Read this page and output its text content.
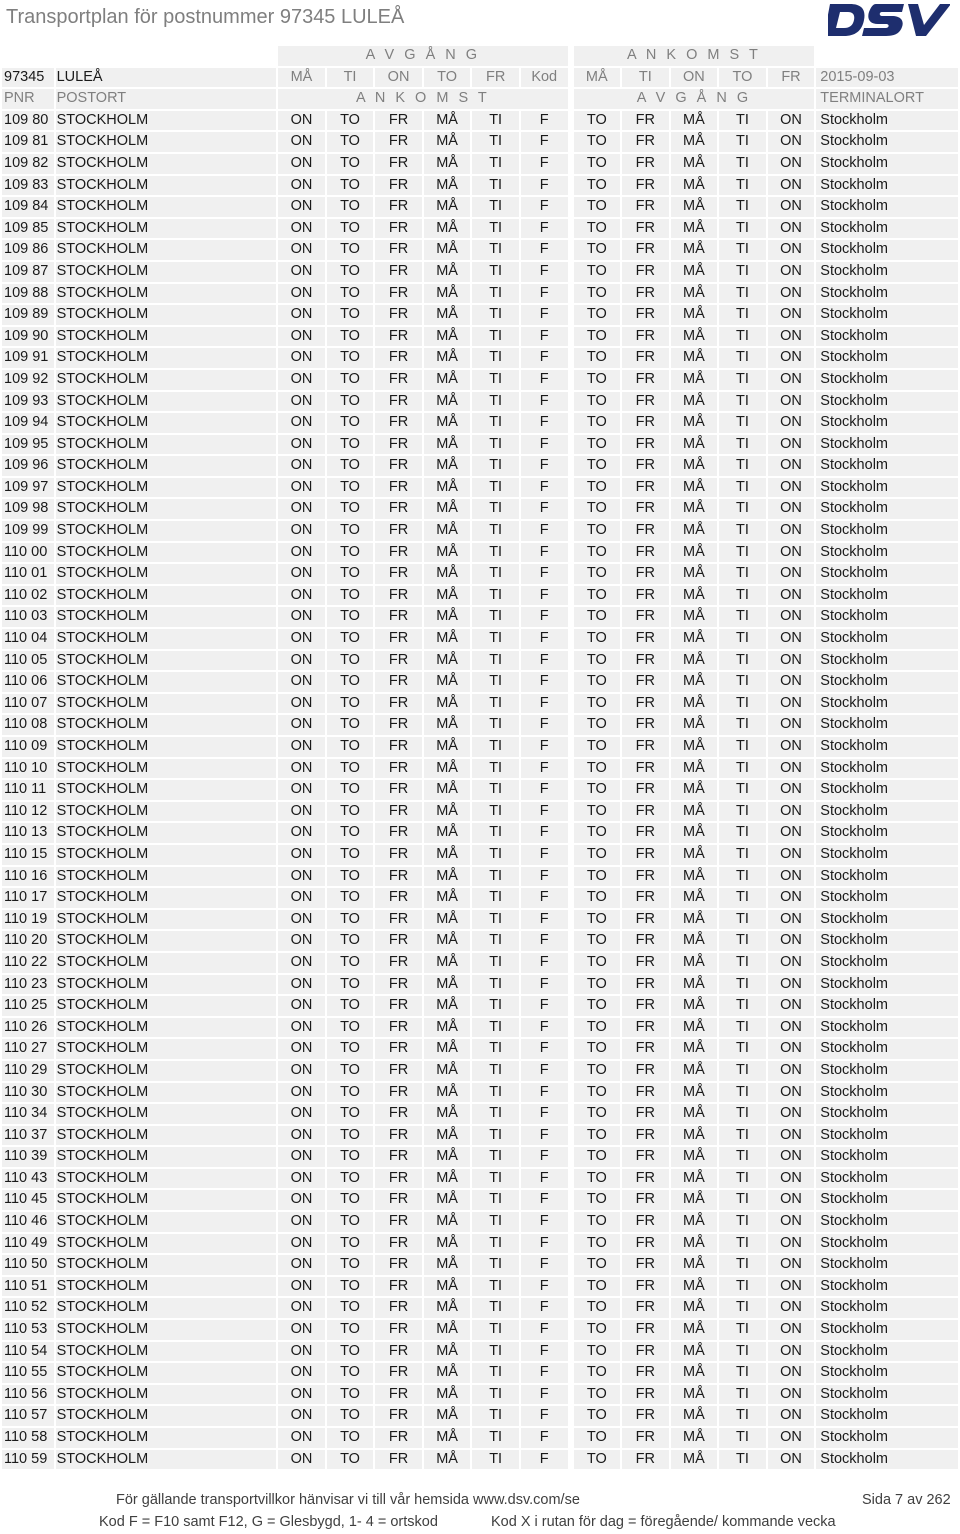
Transportplan för postnummer 97345 LULEÅ
		A V G Å N G							A N K O M S T					
97345	LULEÅ	MÅ	TI	ON	TO	FR	Kod		MÅ	TI	ON	TO	FR	2015-09-03
PNR	POSTORT	A N K O M S T							A V G Å N G					TERMINALORT
109 80	STOCKHOLM	ON	TO	FR	MÅ	TI	F		TO	FR	MÅ	TI	ON	Stockholm
109 81	STOCKHOLM	ON	TO	FR	MÅ	TI	F		TO	FR	MÅ	TI	ON	Stockholm
109 82	STOCKHOLM	ON	TO	FR	MÅ	TI	F		TO	FR	MÅ	TI	ON	Stockholm
109 83	STOCKHOLM	ON	TO	FR	MÅ	TI	F		TO	FR	MÅ	TI	ON	Stockholm
109 84	STOCKHOLM	ON	TO	FR	MÅ	TI	F		TO	FR	MÅ	TI	ON	Stockholm
109 85	STOCKHOLM	ON	TO	FR	MÅ	TI	F		TO	FR	MÅ	TI	ON	Stockholm
109 86	STOCKHOLM	ON	TO	FR	MÅ	TI	F		TO	FR	MÅ	TI	ON	Stockholm
109 87	STOCKHOLM	ON	TO	FR	MÅ	TI	F		TO	FR	MÅ	TI	ON	Stockholm
109 88	STOCKHOLM	ON	TO	FR	MÅ	TI	F		TO	FR	MÅ	TI	ON	Stockholm
109 89	STOCKHOLM	ON	TO	FR	MÅ	TI	F		TO	FR	MÅ	TI	ON	Stockholm
109 90	STOCKHOLM	ON	TO	FR	MÅ	TI	F		TO	FR	MÅ	TI	ON	Stockholm
109 91	STOCKHOLM	ON	TO	FR	MÅ	TI	F		TO	FR	MÅ	TI	ON	Stockholm
109 92	STOCKHOLM	ON	TO	FR	MÅ	TI	F		TO	FR	MÅ	TI	ON	Stockholm
109 93	STOCKHOLM	ON	TO	FR	MÅ	TI	F		TO	FR	MÅ	TI	ON	Stockholm
109 94	STOCKHOLM	ON	TO	FR	MÅ	TI	F		TO	FR	MÅ	TI	ON	Stockholm
109 95	STOCKHOLM	ON	TO	FR	MÅ	TI	F		TO	FR	MÅ	TI	ON	Stockholm
109 96	STOCKHOLM	ON	TO	FR	MÅ	TI	F		TO	FR	MÅ	TI	ON	Stockholm
109 97	STOCKHOLM	ON	TO	FR	MÅ	TI	F		TO	FR	MÅ	TI	ON	Stockholm
109 98	STOCKHOLM	ON	TO	FR	MÅ	TI	F		TO	FR	MÅ	TI	ON	Stockholm
109 99	STOCKHOLM	ON	TO	FR	MÅ	TI	F		TO	FR	MÅ	TI	ON	Stockholm
110 00	STOCKHOLM	ON	TO	FR	MÅ	TI	F		TO	FR	MÅ	TI	ON	Stockholm
110 01	STOCKHOLM	ON	TO	FR	MÅ	TI	F		TO	FR	MÅ	TI	ON	Stockholm
110 02	STOCKHOLM	ON	TO	FR	MÅ	TI	F		TO	FR	MÅ	TI	ON	Stockholm
110 03	STOCKHOLM	ON	TO	FR	MÅ	TI	F		TO	FR	MÅ	TI	ON	Stockholm
110 04	STOCKHOLM	ON	TO	FR	MÅ	TI	F		TO	FR	MÅ	TI	ON	Stockholm
110 05	STOCKHOLM	ON	TO	FR	MÅ	TI	F		TO	FR	MÅ	TI	ON	Stockholm
110 06	STOCKHOLM	ON	TO	FR	MÅ	TI	F		TO	FR	MÅ	TI	ON	Stockholm
110 07	STOCKHOLM	ON	TO	FR	MÅ	TI	F		TO	FR	MÅ	TI	ON	Stockholm
110 08	STOCKHOLM	ON	TO	FR	MÅ	TI	F		TO	FR	MÅ	TI	ON	Stockholm
110 09	STOCKHOLM	ON	TO	FR	MÅ	TI	F		TO	FR	MÅ	TI	ON	Stockholm
110 10	STOCKHOLM	ON	TO	FR	MÅ	TI	F		TO	FR	MÅ	TI	ON	Stockholm
110 11	STOCKHOLM	ON	TO	FR	MÅ	TI	F		TO	FR	MÅ	TI	ON	Stockholm
110 12	STOCKHOLM	ON	TO	FR	MÅ	TI	F		TO	FR	MÅ	TI	ON	Stockholm
110 13	STOCKHOLM	ON	TO	FR	MÅ	TI	F		TO	FR	MÅ	TI	ON	Stockholm
110 15	STOCKHOLM	ON	TO	FR	MÅ	TI	F		TO	FR	MÅ	TI	ON	Stockholm
110 16	STOCKHOLM	ON	TO	FR	MÅ	TI	F		TO	FR	MÅ	TI	ON	Stockholm
110 17	STOCKHOLM	ON	TO	FR	MÅ	TI	F		TO	FR	MÅ	TI	ON	Stockholm
110 19	STOCKHOLM	ON	TO	FR	MÅ	TI	F		TO	FR	MÅ	TI	ON	Stockholm
110 20	STOCKHOLM	ON	TO	FR	MÅ	TI	F		TO	FR	MÅ	TI	ON	Stockholm
110 22	STOCKHOLM	ON	TO	FR	MÅ	TI	F		TO	FR	MÅ	TI	ON	Stockholm
110 23	STOCKHOLM	ON	TO	FR	MÅ	TI	F		TO	FR	MÅ	TI	ON	Stockholm
110 25	STOCKHOLM	ON	TO	FR	MÅ	TI	F		TO	FR	MÅ	TI	ON	Stockholm
110 26	STOCKHOLM	ON	TO	FR	MÅ	TI	F		TO	FR	MÅ	TI	ON	Stockholm
110 27	STOCKHOLM	ON	TO	FR	MÅ	TI	F		TO	FR	MÅ	TI	ON	Stockholm
110 29	STOCKHOLM	ON	TO	FR	MÅ	TI	F		TO	FR	MÅ	TI	ON	Stockholm
110 30	STOCKHOLM	ON	TO	FR	MÅ	TI	F		TO	FR	MÅ	TI	ON	Stockholm
110 34	STOCKHOLM	ON	TO	FR	MÅ	TI	F		TO	FR	MÅ	TI	ON	Stockholm
110 37	STOCKHOLM	ON	TO	FR	MÅ	TI	F		TO	FR	MÅ	TI	ON	Stockholm
110 39	STOCKHOLM	ON	TO	FR	MÅ	TI	F		TO	FR	MÅ	TI	ON	Stockholm
110 43	STOCKHOLM	ON	TO	FR	MÅ	TI	F		TO	FR	MÅ	TI	ON	Stockholm
110 45	STOCKHOLM	ON	TO	FR	MÅ	TI	F		TO	FR	MÅ	TI	ON	Stockholm
110 46	STOCKHOLM	ON	TO	FR	MÅ	TI	F		TO	FR	MÅ	TI	ON	Stockholm
110 49	STOCKHOLM	ON	TO	FR	MÅ	TI	F		TO	FR	MÅ	TI	ON	Stockholm
110 50	STOCKHOLM	ON	TO	FR	MÅ	TI	F		TO	FR	MÅ	TI	ON	Stockholm
110 51	STOCKHOLM	ON	TO	FR	MÅ	TI	F		TO	FR	MÅ	TI	ON	Stockholm
110 52	STOCKHOLM	ON	TO	FR	MÅ	TI	F		TO	FR	MÅ	TI	ON	Stockholm
110 53	STOCKHOLM	ON	TO	FR	MÅ	TI	F		TO	FR	MÅ	TI	ON	Stockholm
110 54	STOCKHOLM	ON	TO	FR	MÅ	TI	F		TO	FR	MÅ	TI	ON	Stockholm
110 55	STOCKHOLM	ON	TO	FR	MÅ	TI	F		TO	FR	MÅ	TI	ON	Stockholm
110 56	STOCKHOLM	ON	TO	FR	MÅ	TI	F		TO	FR	MÅ	TI	ON	Stockholm
110 57	STOCKHOLM	ON	TO	FR	MÅ	TI	F		TO	FR	MÅ	TI	ON	Stockholm
110 58	STOCKHOLM	ON	TO	FR	MÅ	TI	F		TO	FR	MÅ	TI	ON	Stockholm
110 59	STOCKHOLM	ON	TO	FR	MÅ	TI	F		TO	FR	MÅ	TI	ON	Stockholm
För gällande transportvillkor hänvisar vi till vår hemsida www.dsv.com/se	Sida 7 av 262
Kod F = F10 samt F12, G = Glesbygd, 1- 4 = ortskod	Kod X i rutan för dag = föregående/ kommande vecka
